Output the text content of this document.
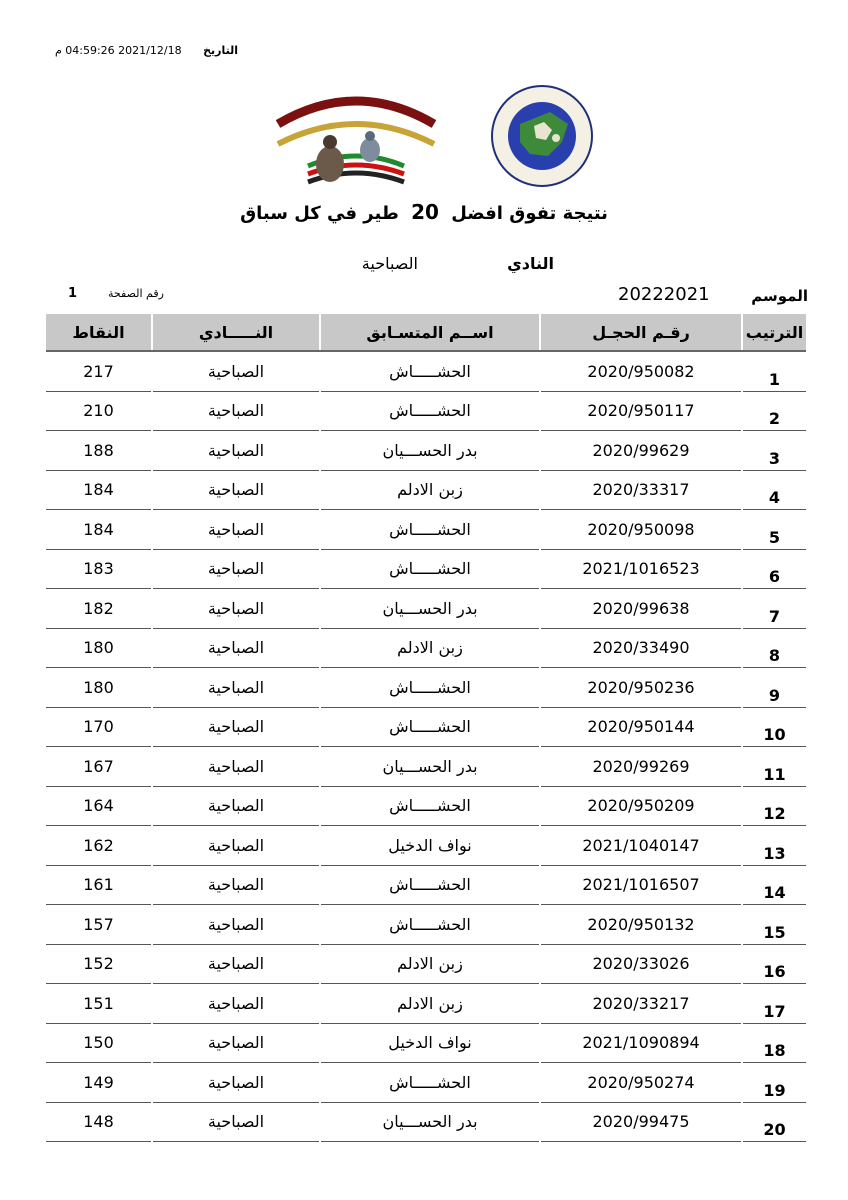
التاريخ 2021/12/18 04:59:26 م
نتيجة تفوق افضل 20 طير في كل سباق
النادي
الصباحية
الموسم
20222021
رقم الصفحة
1
الترتيب	رقـم الحجـل	اســم المتسـابق	النـــــادي	النقاط
1	2020/950082	الحشـــــاش	الصباحية	217
2	2020/950117	الحشـــــاش	الصباحية	210
3	2020/99629	بدر الحســـيان	الصباحية	188
4	2020/33317	زبن الادلم	الصباحية	184
5	2020/950098	الحشـــــاش	الصباحية	184
6	2021/1016523	الحشـــــاش	الصباحية	183
7	2020/99638	بدر الحســـيان	الصباحية	182
8	2020/33490	زبن الادلم	الصباحية	180
9	2020/950236	الحشـــــاش	الصباحية	180
10	2020/950144	الحشـــــاش	الصباحية	170
11	2020/99269	بدر الحســـيان	الصباحية	167
12	2020/950209	الحشـــــاش	الصباحية	164
13	2021/1040147	نواف الدخيل	الصباحية	162
14	2021/1016507	الحشـــــاش	الصباحية	161
15	2020/950132	الحشـــــاش	الصباحية	157
16	2020/33026	زبن الادلم	الصباحية	152
17	2020/33217	زبن الادلم	الصباحية	151
18	2021/1090894	نواف الدخيل	الصباحية	150
19	2020/950274	الحشـــــاش	الصباحية	149
20	2020/99475	بدر الحســـيان	الصباحية	148
